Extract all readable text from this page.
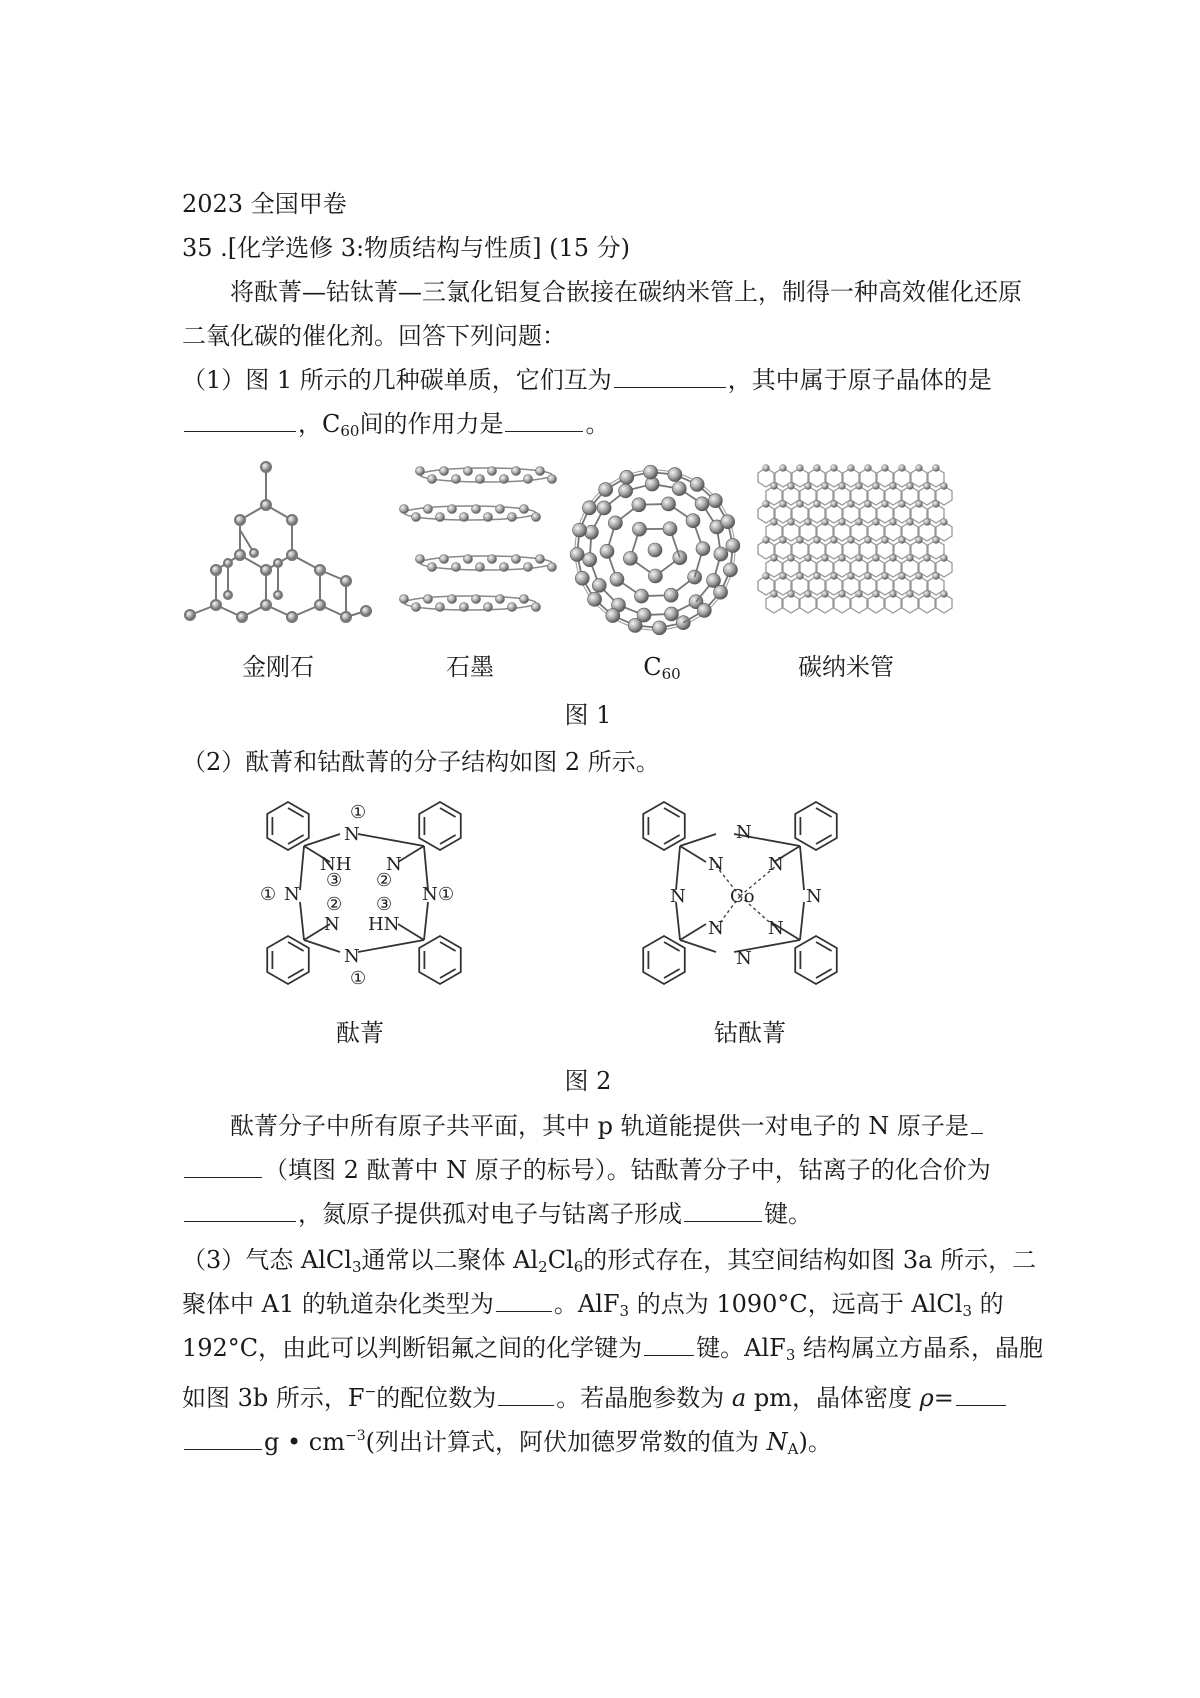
2023 全国甲卷
35 .[化学选修 3:物质结构与性质] (15 分)
将酞菁—钴钛菁—三氯化铝复合嵌接在碳纳米管上，制得一种高效催化还原
二氧化碳的催化剂。回答下列问题：
（1）图 1 所示的几种碳单质，它们互为	，其中属于原子晶体的是
，$C_{60}$间的作用力是	。
金刚石	石墨	$C_{60}$	碳纳米管
图 1
（2）酞菁和钴酞菁的分子结构如图 2 所示。
N
①
NH N
N
①
③
②
②
③ N ①
N HN
N
①
N
N N
N Co	N
N N
N
酞菁	钴酞菁
图 2
酞菁分子中所有原子共平面，其中 p 轨道能提供一对电子的 N 原子是
（填图 2 酞菁中 N 原子的标号）。钴酞菁分子中，钴离子的化合价为
，氮原子提供孤对电子与钴离子形成	键。
（3）气态 AlCl$_3$通常以二聚体 $Al_2Cl_6$的形式存在，其空间结构如图 3a 所示，二
聚体中 A1 的轨道杂化类型为	。AlF$_3$ 的点为 1090°C，远高于 AlCl$_3$ 的
192°C，由此可以判断铝氟之间的化学键为 键。AlF$_3$ 结构属立方晶系，晶胞
如图 3b 所示，F−的配位数为	。若晶胞参数为 a pm，晶体密度 ρ=
g • $cm^{-3}$(列出计算式，阿伏加德罗常数的值为 $N_A$)。
